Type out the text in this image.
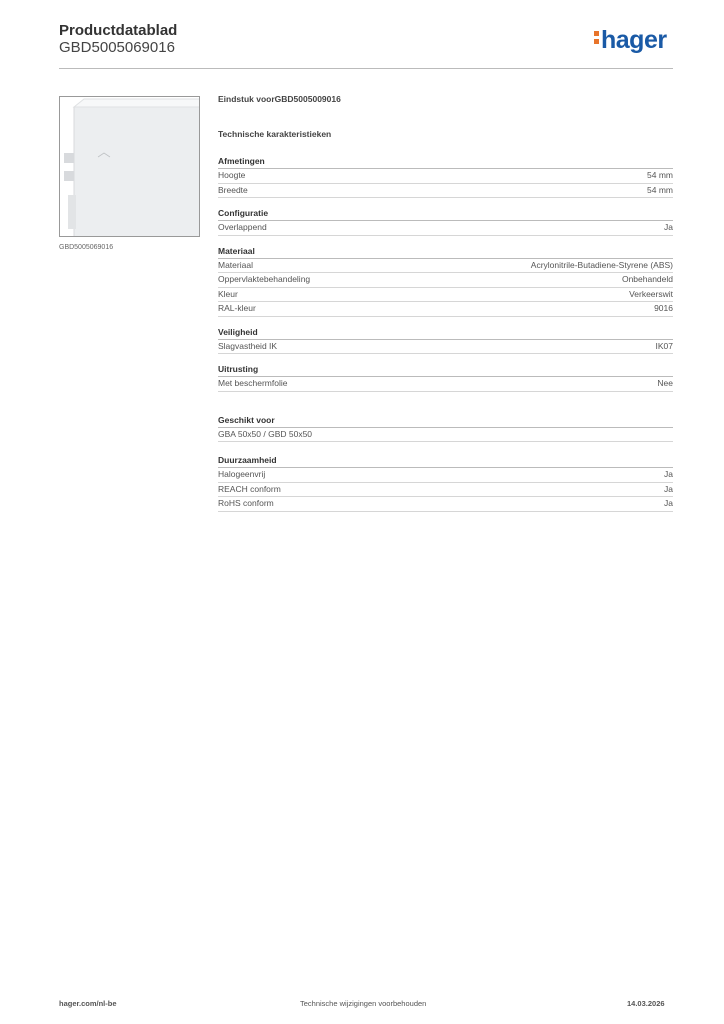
Productdatablad
GBD5005069016	hager
GBD5005069016
Eindstuk voorGBD5005009016
Technische karakteristieken
Afmetingen
Hoogte	54 mm
Breedte	54 mm
Configuratie
Overlappend	Ja
Materiaal
Materiaal	Acrylonitrile-Butadiene-Styrene (ABS)
Oppervlaktebehandeling	Onbehandeld
Kleur	Verkeerswit
RAL-kleur	9016
Veiligheid
Slagvastheid IK	IK07
Uitrusting
Met beschermfolie	Nee
Geschikt voor
GBA 50x50 / GBD 50x50
Duurzaamheid
Halogeenvrij	Ja
REACH conform	Ja
RoHS conform	Ja
hager.com/nl-be	Technische wijzigingen voorbehouden	14.03.2026
